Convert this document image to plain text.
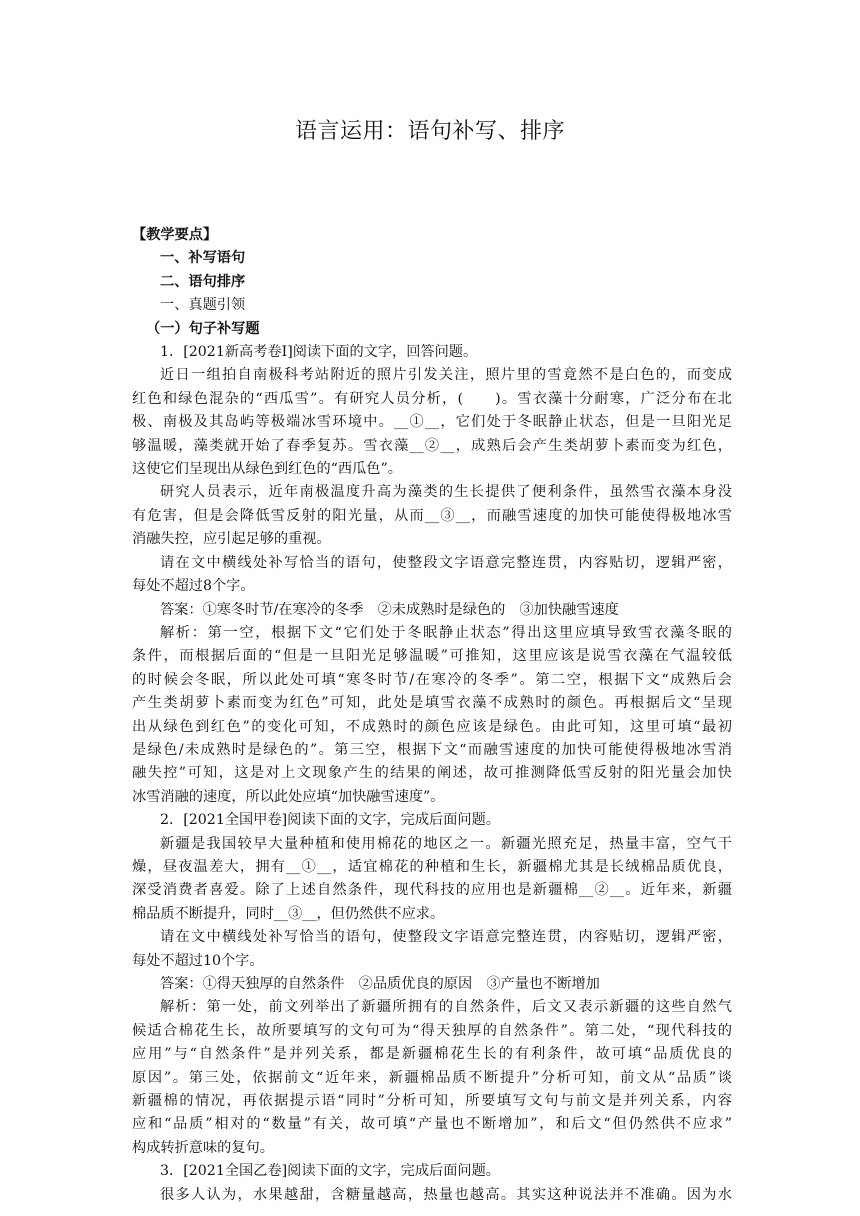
语言运用：语句补写、排序
【教学要点】
一、补写语句
二、语句排序
一、真题引领
（一）句子补写题
1．[2021新高考卷Ⅰ]阅读下面的文字，回答问题。
近日一组拍自南极科考站附近的照片引发关注，照片里的雪竟然不是白色的，而变成
红色和绿色混杂的“西瓜雪”。有研究人员分析，(　　)。雪衣藻十分耐寒，广泛分布在北
极、南极及其岛屿等极端冰雪环境中。__①__，它们处于冬眠静止状态，但是一旦阳光足
够温暖，藻类就开始了春季复苏。雪衣藻__②__，成熟后会产生类胡萝卜素而变为红色，
这使它们呈现出从绿色到红色的“西瓜色”。
研究人员表示，近年南极温度升高为藻类的生长提供了便利条件，虽然雪衣藻本身没
有危害，但是会降低雪反射的阳光量，从而__③__，而融雪速度的加快可能使得极地冰雪
消融失控，应引起足够的重视。
请在文中横线处补写恰当的语句，使整段文字语意完整连贯，内容贴切，逻辑严密，
每处不超过8个字。
答案：①寒冬时节/在寒冷的冬季　②未成熟时是绿色的　③加快融雪速度
解析：第一空，根据下文“它们处于冬眠静止状态”得出这里应填导致雪衣藻冬眠的
条件，而根据后面的“但是一旦阳光足够温暖”可推知，这里应该是说雪衣藻在气温较低
的时候会冬眠，所以此处可填“寒冬时节/在寒冷的冬季”。第二空，根据下文“成熟后会
产生类胡萝卜素而变为红色”可知，此处是填雪衣藻不成熟时的颜色。再根据后文“呈现
出从绿色到红色”的变化可知，不成熟时的颜色应该是绿色。由此可知，这里可填“最初
是绿色/未成熟时是绿色的”。第三空，根据下文“而融雪速度的加快可能使得极地冰雪消
融失控”可知，这是对上文现象产生的结果的阐述，故可推测降低雪反射的阳光量会加快
冰雪消融的速度，所以此处应填“加快融雪速度”。
2．[2021全国甲卷]阅读下面的文字，完成后面问题。
新疆是我国较早大量种植和使用棉花的地区之一。新疆光照充足，热量丰富，空气干
燥，昼夜温差大，拥有__①__，适宜棉花的种植和生长，新疆棉尤其是长绒棉品质优良，
深受消费者喜爱。除了上述自然条件，现代科技的应用也是新疆棉__②__。近年来，新疆
棉品质不断提升，同时__③__，但仍然供不应求。
请在文中横线处补写恰当的语句，使整段文字语意完整连贯，内容贴切，逻辑严密，
每处不超过10个字。
答案：①得天独厚的自然条件　②品质优良的原因　③产量也不断增加
解析：第一处，前文列举出了新疆所拥有的自然条件，后文又表示新疆的这些自然气
候适合棉花生长，故所要填写的文句可为“得天独厚的自然条件”。第二处，“现代科技的
应用”与“自然条件”是并列关系，都是新疆棉花生长的有利条件，故可填“品质优良的
原因”。第三处，依据前文“近年来，新疆棉品质不断提升”分析可知，前文从“品质”谈
新疆棉的情况，再依据提示语“同时”分析可知，所要填写文句与前文是并列关系，内容
应和“品质”相对的“数量”有关，故可填“产量也不断增加”，和后文“但仍然供不应求”
构成转折意味的复句。
3．[2021全国乙卷]阅读下面的文字，完成后面问题。
很多人认为，水果越甜，含糖量越高，热量也越高。其实这种说法并不准确。因为水
